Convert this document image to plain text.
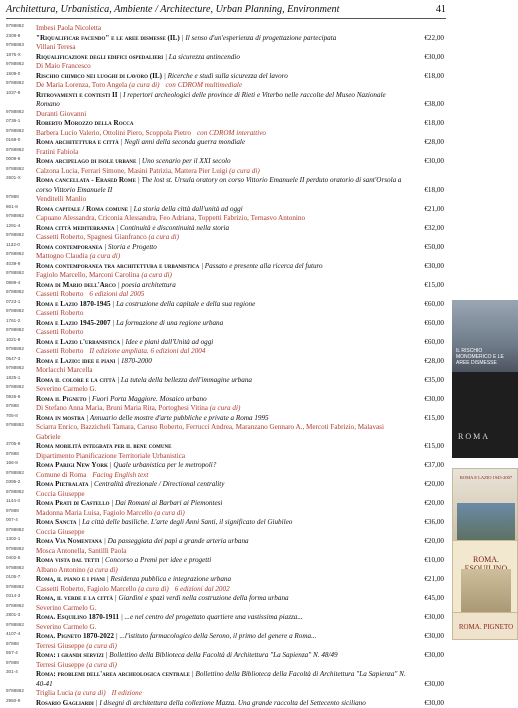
Architettura, Urbanistica, Ambiente / Architecture, Urban Planning, Environment	41
9788862	Imbesi Paola Nicoletta
2308-8	"Riqualificar facendo" e le aree dismesse (IL) | Il senso d'un'esperienza di progettazione partecipata	€22,00
9788863	Villani Teresa
1875-X	Riqualificazione degli edifici ospedalieri | La sicurezza antincendio	€30,00
9788862	Di Maio Francesco
1509-0	Rischio chimico nei luoghi di lavoro (IL) | Ricerche e studi sulla sicurezza del lavoro	€18,00
9788862	De Maria Lorenza, Toro Angela (a cura di) con CDROM multimediale
1037-8	Ritrovamenti e contesti II | I repertori archeologici delle province di Rieti e Viterbo nelle raccolte del Museo Nazionale Romano	€38,00
9788862	Duranti Giovanni
0736-1	Roberto Morozzo della Rocca	€18,00
9788862	Barbera Lucio Valerio, Ottolini Piero, Scoppola Pietro con CDROM interattivo
0168-0	Roma architettura e città | Negli anni della seconda guerra mondiale	€28,00
9788862	Fratini Fabiola
0009-6	Roma arcipelago di isole urbane | Uno scenario per il XXI secolo	€30,00
9788862	Calzona Lucia, Ferrari Simone, Masini Patrizia, Mattera Pier Luigi (a cura di)
2601-X	Roma cancellata - Erased Rome | The lost st. Ursula oratory on corso Vittorio Emanuele II perduto oratorio di sant'Orsola a corso Vittorio Emanuele II	€18,00
97888	Venditelli Manlio
861-8	Roma capitale / Roma comune | La storia della città dall'unità ad oggi	€21,00
9788862	Capuano Alessandra, Criconia Alessandra, Feo Adriana, Toppetti Fabrizio, Ternasvo Antonino
1291-4	Roma città mediterranea | Continuità e discontinuità nella storia	€32,00
9788862	Cassetti Roberto, Spagnesi Gianfranco (a cura di)
1132-0	Roma contemporanea | Storia e Progetto	€50,00
9788862	Mattogno Claudia (a cura di)
4039-9	Roma contemporanea tra architettura e urbanistica | Passato e presente alla ricerca del futuro	€30,00
9788862	Fagiolo Marcello, Marconi Carolina (a cura di)
0889-4	Roma di Mario dell'Arco | poesia architettura	€15,00
9788862	Cassetti Roberto 6 edizioni dal 2005
0723-1	Roma e Lazio 1870-1945 | La costruzione della capitale e della sua regione	€60,00
9788862	Cassetti Roberto
1761-2	Roma e Lazio 1945-2007 | La formazione di una regione urbana	€60,00
9788862	Cassetti Roberto
1021-8	Roma e Lazio l'urbanistica | Idee e piani dall'Unità ad oggi	€60,00
9788862	Cassetti Roberto II edizione ampliata. 6 edizioni dal 2004
0547-3	Roma e Lazio: idee e piani | 1870-2000	€28,00
9788862	Morlacchi Marcella
1825-1	Roma il colore e la città | La tutela della bellezza dell'immagine urbana	€35,00
9788862	Severino Carmelo G.
0926-6	Roma il Pigneto | Fuori Porta Maggiore. Mosaico urbano	€30,00
97888	Di Stefano Anna Maria, Bruni Maria Rita, Portoghesi Vitina (a cura di)
705-8	Roma in mostra | Annuario delle mostre d'arte pubbliche e private a Roma 1995	€15,00
9788862	Sciarra Enrico, Bazzicheli Tamara, Caruso Roberto, Ferrucci Andrea, Maranzano Gennaro A., Mercoti Fabrizio, Malavasi Gabriele
3705-9	Roma mobilità integrata per il bene comune	€15,00
97888	Dipartimento Pianificazione Territoriale Urbanistica
166-8	Roma Parigi New York | Quale urbanistica per le metropoli?	€37,00
9788862	Comune di Roma Facing English text
0395-2	Roma Pietralata | Centralità direzionale / Directional centrality	€20,00
9788862	Coccia Giuseppe
1144-3	Roma Prati di Castello | Dai Romani ai Barbari ai Piemontesi	€20,00
97888	Madonna Maria Luisa, Fagiolo Marcello (a cura di)
007-4	Roma Sancta | La città delle basiliche. L'arte degli Anni Santi, il significato del Giubileo	€36,00
9788862	Coccia Giuseppe
1302-1	Roma Via Nomentana | Da passeggiata dei papi a grande arteria urbana	€20,00
9788862	Mosca Antonella, Santilli Paola
0402-5	Roma vista dal tetti | Concorso a Premi per idee e progetti	€10,00
9788862	Albano Antonino (a cura di)
0105-7	Roma, il piano e i piani | Residenza pubblica e integrazione urbana	€21,00
9788862	Cassetti Roberto, Fagiolo Marcello (a cura di) 6 edizioni dal 2002
0314-3	Roma, il verde e la città | Giardini e spazi verdi nella costruzione della forma urbana	€45,00
9788862	Severino Carmelo G.
2801-3	Roma. Esquilino 1870-1911 | ...e nel centro del progettato quartiere una vastissima piazza...	€30,00
9788862	Severino Carmelo G.
4107-4	Roma. Pigneto 1870-2022 | ...l'istituto farmacologico della Serono, il primo del genere a Roma...	€30,00
97888	Terresi Giuseppe (a cura di)
557-4	Roma: i grandi servizi | Bollettino della Biblioteca della Facoltà di Architettura "La Sapienza" N. 48/49	€30,00
97888	Terresi Giuseppe (a cura di)
301-4	Roma: problemi dell'area archeologica centrale | Bollettino della Biblioteca della Facoltà di Architettura "La Sapienza" N. 40-41	€30,00
9788862	Triglia Lucia (a cura di) II edizione
2950-9	Rosario Gagliardi | I disegni di architettura della collezione Mazza. Una grande raccolta del Settecento siciliano	€30,00
IL RISCHIO MONOMERICO E LE AREE DISMESSE
ROMA
ROMA E LAZIO 1945-2007
ROMA.
ROMA. PIGNETO
